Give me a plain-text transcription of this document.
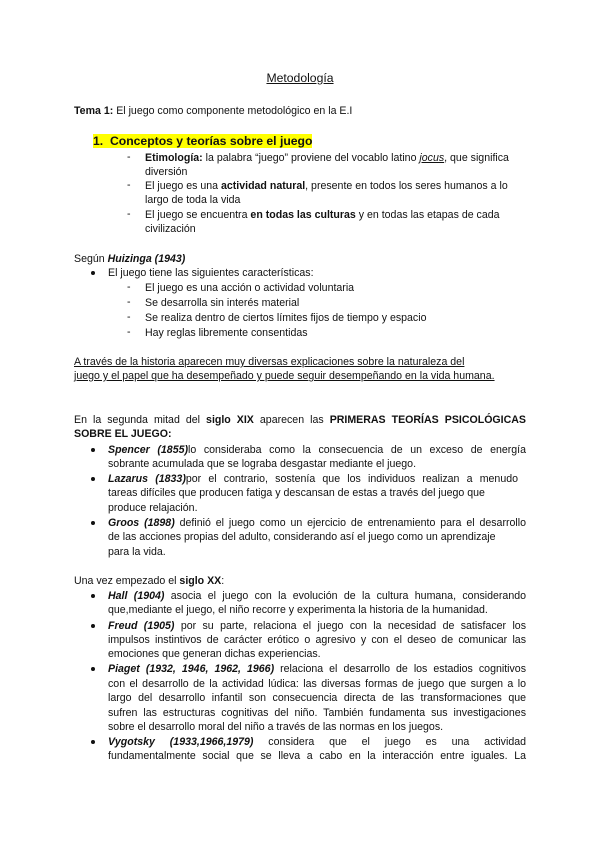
Metodología
Tema 1: El juego como componente metodológico en la E.I
1. Conceptos y teorías sobre el juego
- Etimología: la palabra “juego” proviene del vocablo latino jocus, que significa
diversión
- El juego es una actividad natural, presente en todos los seres humanos a lo
largo de toda la vida
- El juego se encuentra en todas las culturas y en todas las etapas de cada
civilización
Según Huizinga (1943)
El juego tiene las siguientes características:
- El juego es una acción o actividad voluntaria
- Se desarrolla sin interés material
- Se realiza dentro de ciertos límites fijos de tiempo y espacio
- Hay reglas libremente consentidas
A través de la historia aparecen muy diversas explicaciones sobre la naturaleza del
juego y el papel que ha desempeñado y puede seguir desempeñando en la vida humana.
En la segunda mitad del siglo XIX aparecen las PRIMERAS TEORÍAS PSICOLÓGICAS
SOBRE EL JUEGO:
Spencer (1855)lo consideraba como la consecuencia de un exceso de energía
sobrante acumulada que se lograba desgastar mediante el juego.
Lazarus (1833)por el contrario, sostenía que los individuos realizan a menudo
tareas difíciles que producen fatiga y descansan de estas a través del juego que
produce relajación.
Groos (1898) definió el juego como un ejercicio de entrenamiento para el desarrollo
de las acciones propias del adulto, considerando así el juego como un aprendizaje
para la vida.
Una vez empezado el siglo XX:
Hall (1904) asocia el juego con la evolución de la cultura humana, considerando
que,mediante el juego, el niño recorre y experimenta la historia de la humanidad.
Freud (1905) por su parte, relaciona el juego con la necesidad de satisfacer los
impulsos instintivos de carácter erótico o agresivo y con el deseo de comunicar las
emociones que generan dichas experiencias.
Piaget (1932, 1946, 1962, 1966) relaciona el desarrollo de los estadios cognitivos
con el desarrollo de la actividad lúdica: las diversas formas de juego que surgen a lo
largo del desarrollo infantil son consecuencia directa de las transformaciones que
sufren las estructuras cognitivas del niño. También fundamenta sus investigaciones
sobre el desarrollo moral del niño a través de las normas en los juegos.
Vygotsky (1933,1966,1979) considera que el juego es una actividad
fundamentalmente social que se lleva a cabo en la interacción entre iguales. La
